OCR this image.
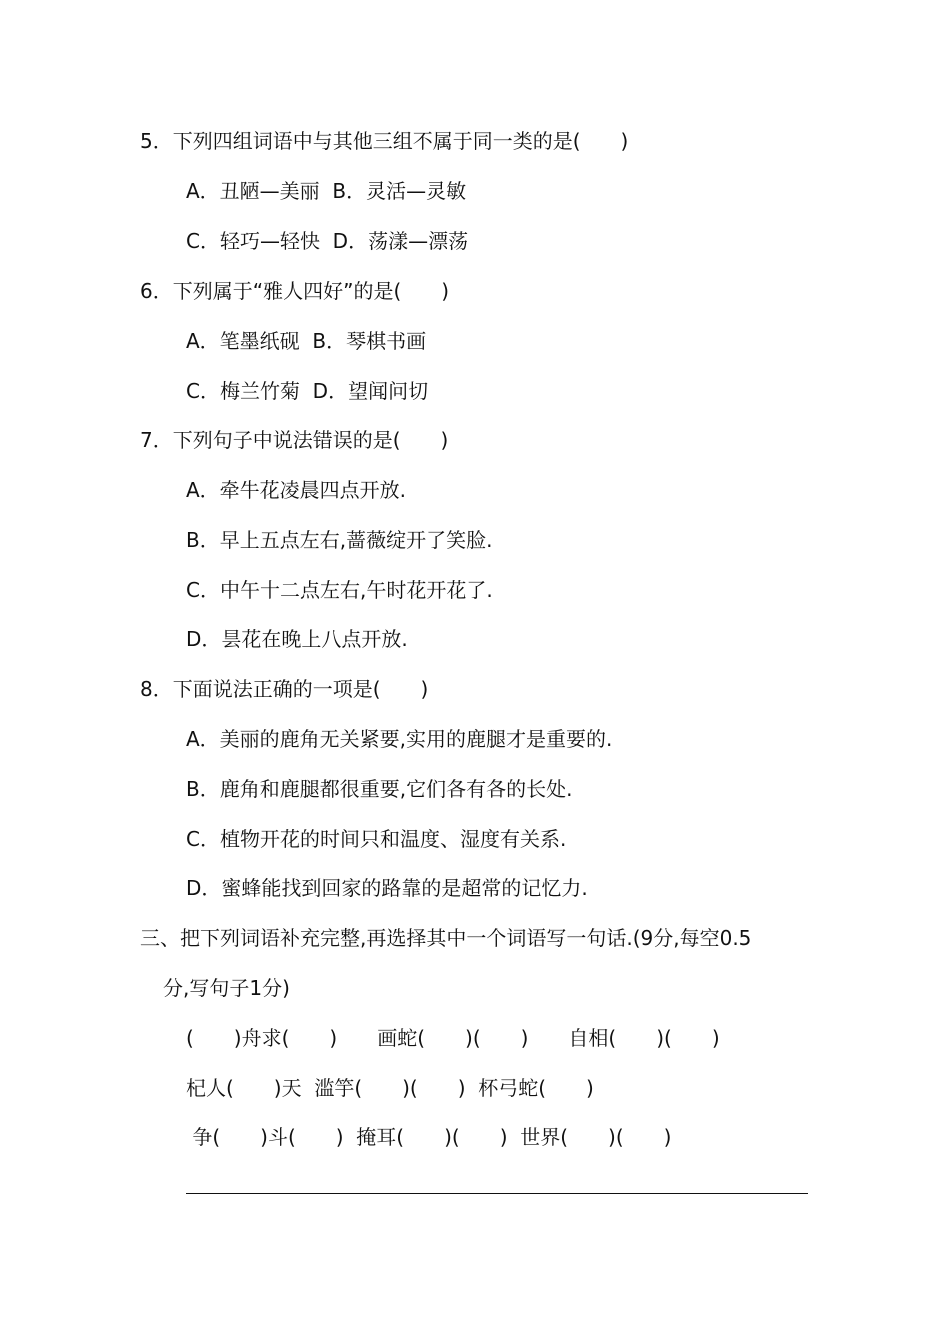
5．下列四组词语中与其他三组不属于同一类的是(　　)
A．丑陋—美丽  B．灵活—灵敏
C．轻巧—轻快  D．荡漾—漂荡
6．下列属于“雅人四好”的是(　　)
A．笔墨纸砚  B．琴棋书画
C．梅兰竹菊  D．望闻问切
7．下列句子中说法错误的是(　　)
A．牵牛花凌晨四点开放.
B．早上五点左右,蔷薇绽开了笑脸.
C．中午十二点左右,午时花开花了.
D．昙花在晚上八点开放.
8．下面说法正确的一项是(　　)
A．美丽的鹿角无关紧要,实用的鹿腿才是重要的.
B．鹿角和鹿腿都很重要,它们各有各的长处.
C．植物开花的时间只和温度、湿度有关系.
D．蜜蜂能找到回家的路靠的是超常的记忆力.
三、把下列词语补充完整,再选择其中一个词语写一句话.(9分,每空0.5
分,写句子1分)
(　　)舟求(　　)　　画蛇(　　)(　　)　　自相(　　)(　　)
杞人(　　)天  滥竽(　　)(　　)  杯弓蛇(　　)
争(　　)斗(　　)  掩耳(　　)(　　)  世界(　　)(　　)
